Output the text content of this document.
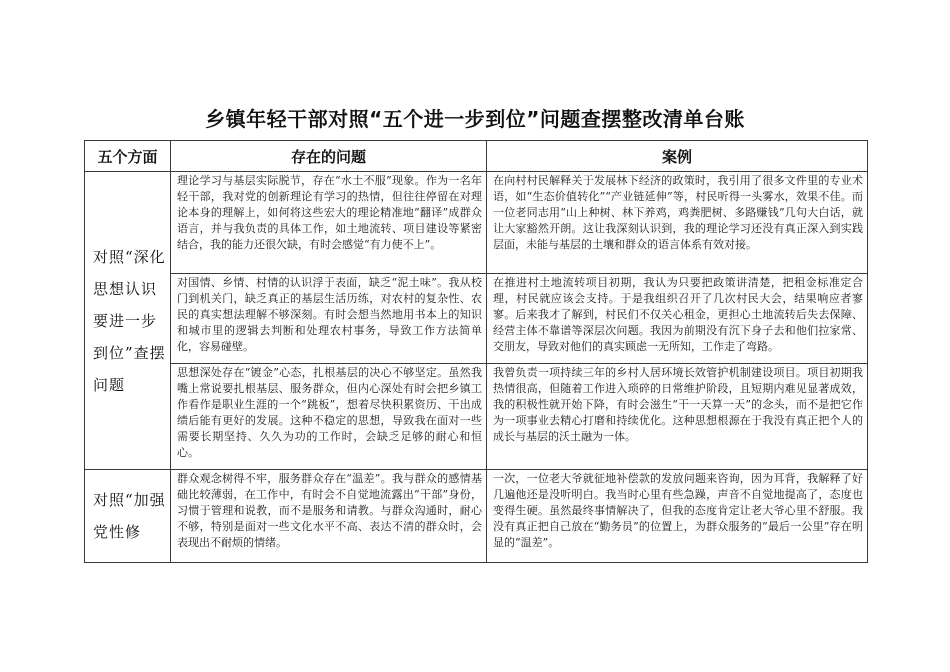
乡镇年轻干部对照“五个进一步到位”问题查摆整改清单台账
五个方面	存在的问题	案例
对照“深化思想认识要进一步到位”查摆问题	理论学习与基层实际脱节，存在“水土不服”现象。作为一名年轻干部，我对党的创新理论有学习的热情，但往往停留在对理论本身的理解上，如何将这些宏大的理论精准地“翻译”成群众语言，并与我负责的具体工作，如土地流转、项目建设等紧密结合，我的能力还很欠缺，有时会感觉“有力使不上”。	在向村村民解释关于发展林下经济的政策时，我引用了很多文件里的专业术语，如“生态价值转化”“产业链延伸”等，村民听得一头雾水，效果不佳。而一位老同志用“山上种树、林下养鸡，鸡粪肥树、多路赚钱”几句大白话，就让大家豁然开朗。这让我深刻认识到，我的理论学习还没有真正深入到实践层面，未能与基层的土壤和群众的语言体系有效对接。

	对国情、乡情、村情的认识浮于表面，缺乏“泥土味”。我从校门到机关门，缺乏真正的基层生活历练，对农村的复杂性、农民的真实想法理解不够深刻。有时会想当然地用书本上的知识和城市里的逻辑去判断和处理农村事务，导致工作方法简单化，容易碰壁。	在推进村土地流转项目初期，我认为只要把政策讲清楚，把租金标准定合理，村民就应该会支持。于是我组织召开了几次村民大会，结果响应者寥寥。后来我才了解到，村民们不仅关心租金，更担心土地流转后失去保障、经营主体不靠谱等深层次问题。我因为前期没有沉下身子去和他们拉家常、交朋友，导致对他们的真实顾虑一无所知，工作走了弯路。

	思想深处存在“镀金”心态，扎根基层的决心不够坚定。虽然我嘴上常说要扎根基层、服务群众，但内心深处有时会把乡镇工作看作是职业生涯的一个“跳板”，想着尽快积累资历、干出成绩后能有更好的发展。这种不稳定的思想，导致我在面对一些需要长期坚持、久久为功的工作时，会缺乏足够的耐心和恒心。	我曾负责一项持续三年的乡村人居环境长效管护机制建设项目。项目初期我热情很高，但随着工作进入琐碎的日常维护阶段，且短期内难见显著成效，我的积极性就开始下降，有时会滋生“干一天算一天”的念头，而不是把它作为一项事业去精心打磨和持续优化。这种思想根源在于我没有真正把个人的成长与基层的沃土融为一体。

对照“加强党性修	群众观念树得不牢，服务群众存在“温差”。我与群众的感情基础比较薄弱，在工作中，有时会不自觉地流露出“干部”身份，习惯于管理和说教，而不是服务和请教。与群众沟通时，耐心不够，特别是面对一些文化水平不高、表达不清的群众时，会表现出不耐烦的情绪。	一次，一位老大爷就征地补偿款的发放问题来咨询，因为耳背，我解释了好几遍他还是没听明白。我当时心里有些急躁，声音不自觉地提高了，态度也变得生硬。虽然最终事情解决了，但我的态度肯定让老大爷心里不舒服。我没有真正把自己放在“勤务员”的位置上，为群众服务的“最后一公里”存在明显的“温差”。
